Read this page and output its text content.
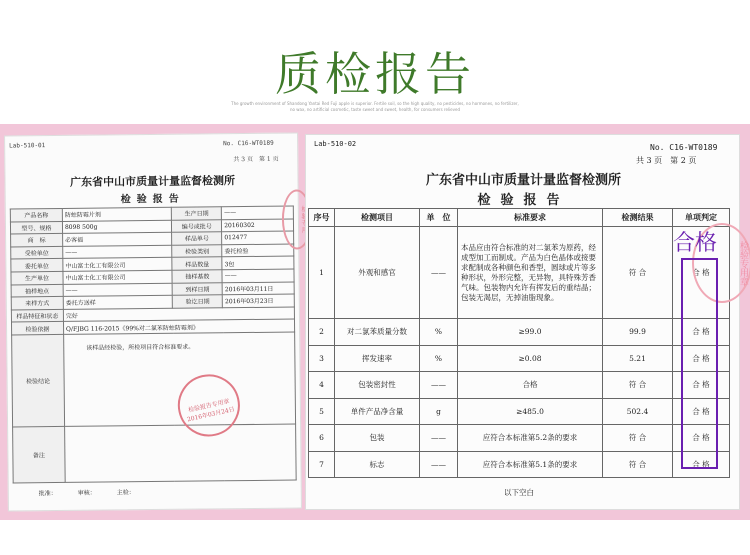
质检报告
The growth environment of Shandong Yantai Red Fuji apple is superior. Fertile soil, so the high quality, no pesticides, no hormones, no fertilizer,
no wax, no artificial cosmetic, taste sweet and sweet, health, for consumers relieved
Lab-510-01	No. C16-WT0189
共 3 页　第 1 页
广东省中山市质量计量监督检测所
检验报告
产品名称	防蛀防霉片剂	生产日期	——
型号、规格	8098 500g	编号或批号	20160302
商　标	必客福	样品单号	012477
受检单位	——	检验类别	委托检验
委托单位	中山富士化工有限公司	样品数量	3包
生产单位	中山富士化工有限公司	抽样基数	——
抽样地点	——	到样日期	2016年03月11日
来样方式	委托方送样	验讫日期	2016年03月23日
样品特征和状态	完好		
检验依据	Q/FJBG 116-2015《99%对二氯苯防蛀防霉剂》		
检验结论	该样品经检验，所检项目符合标准要求。		
备注			
批准：　　　　审核：　　　　主检：
检验报告专用章 2016年03月24日
Lab-510-02	No. C16-WT0189
共 3 页　第 2 页
广东省中山市质量计量监督检测所
检验报告
序号	检测项目	单　位	标准要求	检测结果	单项判定
1	外观和感官	——	本品应由符合标准的对二氯苯为原药，经成型加工而制成。产品为白色晶体或接要求配制成各种颜色和香型，圆球或片等多种形状，外形完整，无异物，具特殊芳香气味。包装物内允许有挥发后的重结晶；包装无渴层，无掉油脂现象。	符 合	合 格
2	对二氯苯质量分数	%	≥99.0	99.9	合 格
3	挥发速率	%	≥0.08	5.21	合 格
4	包装密封性	——	合格	符 合	合 格
5	单件产品净含量	g	≥485.0	502.4	合 格
6	包装	——	应符合本标准第5.2条的要求	符 合	合 格
7	标志	——	应符合本标准第5.1条的要求	符 合	合 格
以下空白					
检验专用章
合格
